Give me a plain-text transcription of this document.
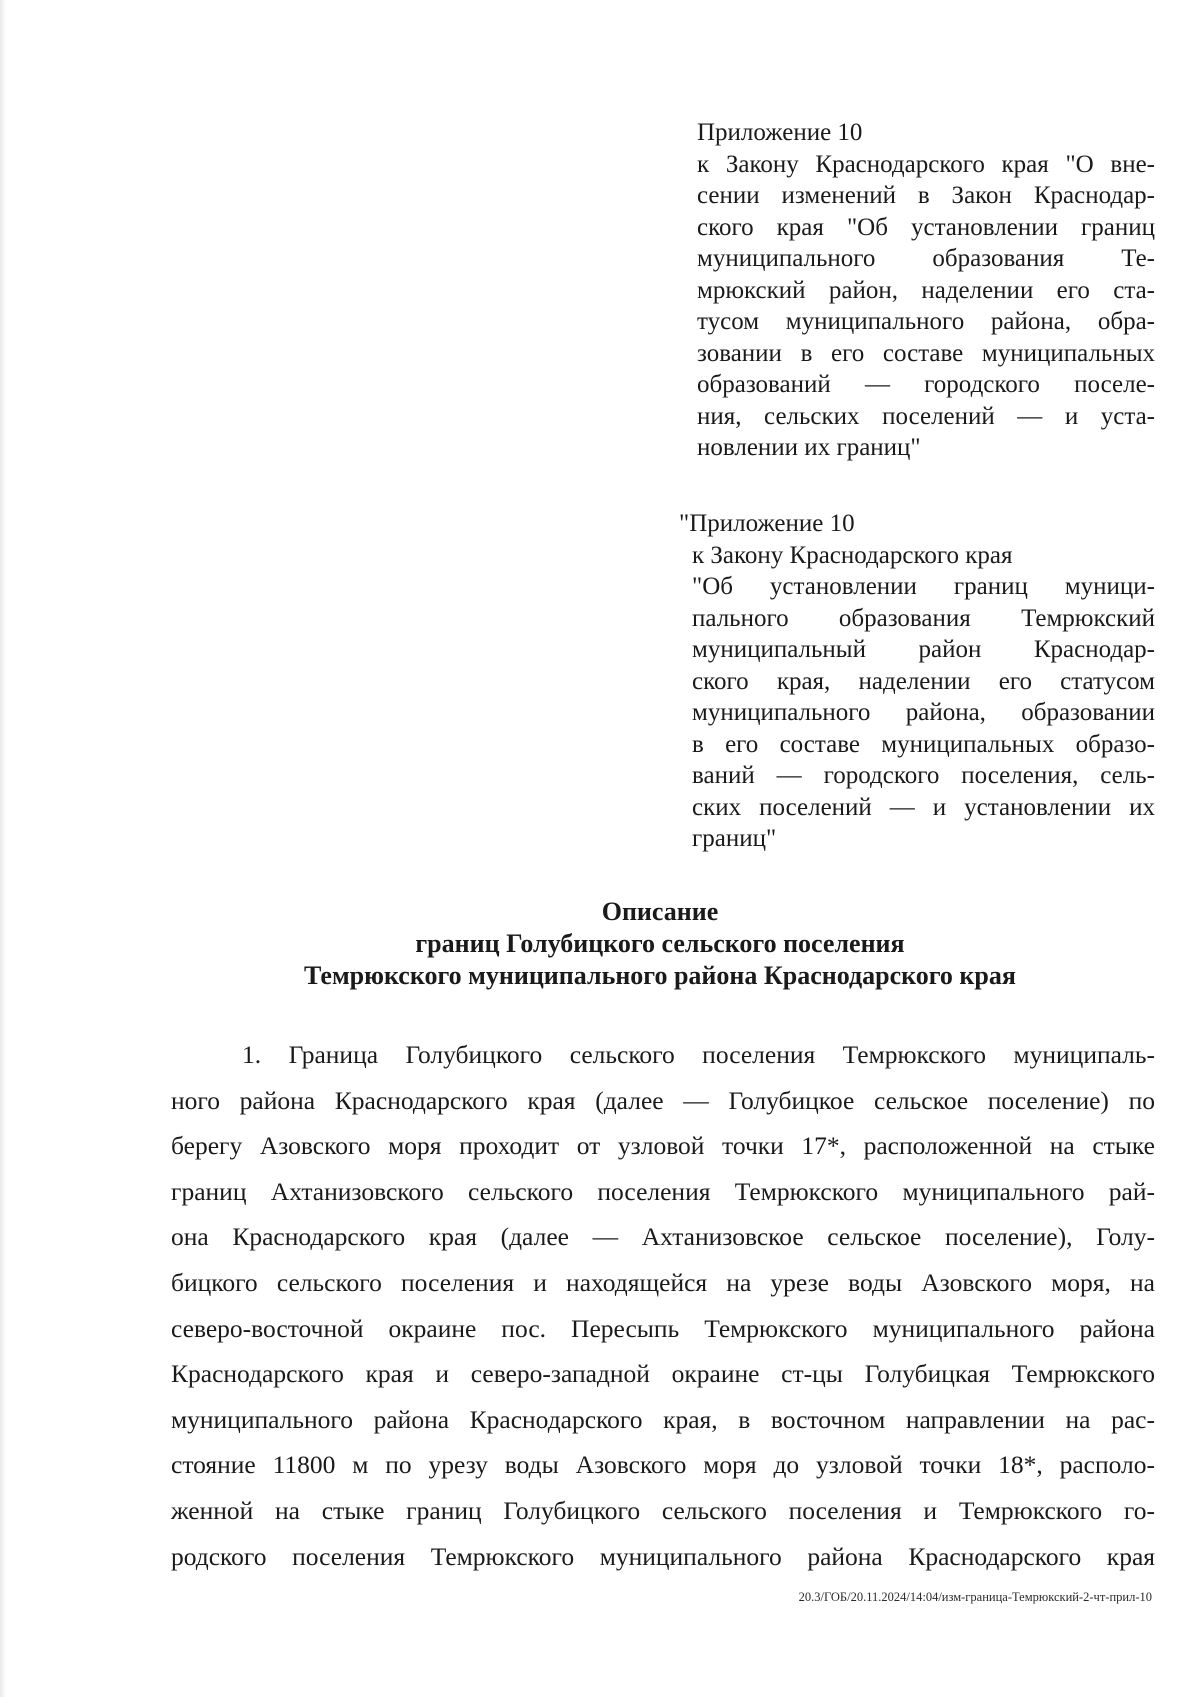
Приложение 10
к Закону Краснодарского края "О вне-
сении изменений в Закон Краснодар-
ского края "Об установлении границ
муниципального образования Те-
мрюкский район, наделении его ста-
тусом муниципального района, обра-
зовании в его составе муниципальных
образований — городского поселе-
ния, сельских поселений — и уста-
новлении их границ"
"Приложение 10
к Закону Краснодарского края
"Об установлении границ муници-
пального образования Темрюкский
муниципальный район Краснодар-
ского края, наделении его статусом
муниципального района, образовании
в его составе муниципальных образо-
ваний — городского поселения, сель-
ских поселений — и установлении их
границ"
Описание
границ Голубицкого сельского поселения
Темрюкского муниципального района Краснодарского края
1. Граница Голубицкого сельского поселения Темрюкского муниципаль-
ного района Краснодарского края (далее — Голубицкое сельское поселение) по
берегу Азовского моря проходит от узловой точки 17*, расположенной на стыке
границ Ахтанизовского сельского поселения Темрюкского муниципального рай-
она Краснодарского края (далее — Ахтанизовское сельское поселение), Голу-
бицкого сельского поселения и находящейся на урезе воды Азовского моря, на
северо-восточной окраине пос. Пересыпь Темрюкского муниципального района
Краснодарского края и северо-западной окраине ст-цы Голубицкая Темрюкского
муниципального района Краснодарского края, в восточном направлении на рас-
стояние 11800 м по урезу воды Азовского моря до узловой точки 18*, располо-
женной на стыке границ Голубицкого сельского поселения и Темрюкского го-
родского поселения Темрюкского муниципального района Краснодарского края
20.3/ГОБ/20.11.2024/14:04/изм-граница-Темрюкский-2-чт-прил-10
